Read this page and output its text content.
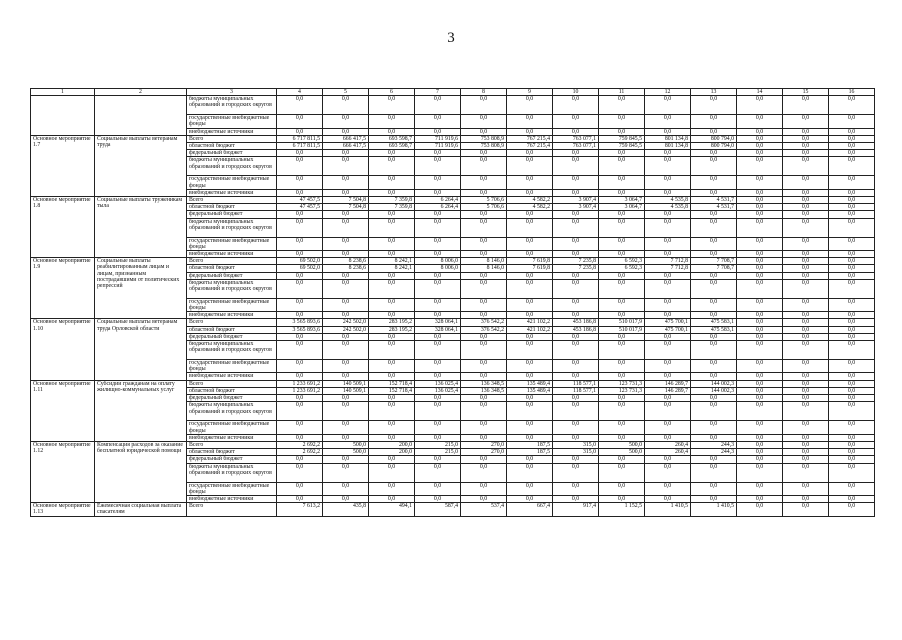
3
1	2	3	4	5	6	7	8	9	10	11	12	13	14	15	16
		бюджеты муниципальных образований и городских округов	0,0	0,0	0,0	0,0	0,0	0,0	0,0	0,0	0,0	0,0	0,0	0,0	0,0
		государственные внебюджетные фонды	0,0	0,0	0,0	0,0	0,0	0,0	0,0	0,0	0,0	0,0	0,0	0,0	0,0
		внебюджетные источники	0,0	0,0	0,0	0,0	0,0	0,0	0,0	0,0	0,0	0,0	0,0	0,0	0,0
Основное мероприятие 1.7	Социальные выплаты ветеранам труда	Всего	6 717 811,5	666 417,5	693 598,7	711 919,6	753 808,9	767 215,4	763 077,1	759 845,5	801 134,8	800 794,0	0,0	0,0	0,0
		областной бюджет	6 717 811,5	666 417,5	693 598,7	711 919,6	753 808,9	767 215,4	763 077,1	759 845,5	801 134,8	800 794,0	0,0	0,0	0,0
		федеральный бюджет	0,0	0,0	0,0	0,0	0,0	0,0	0,0	0,0	0,0	0,0	0,0	0,0	0,0
		бюджеты муниципальных образований и городских округов	0,0	0,0	0,0	0,0	0,0	0,0	0,0	0,0	0,0	0,0	0,0	0,0	0,0
		государственные внебюджетные фонды	0,0	0,0	0,0	0,0	0,0	0,0	0,0	0,0	0,0	0,0	0,0	0,0	0,0
		внебюджетные источники	0,0	0,0	0,0	0,0	0,0	0,0	0,0	0,0	0,0	0,0	0,0	0,0	0,0
Основное мероприятие 1.8	Социальные выплаты труженикам тыла	Всего	47 457,5	7 504,8	7 359,8	6 264,4	5 706,6	4 582,2	3 907,4	3 064,7	4 535,8	4 531,7	0,0	0,0	0,0
		областной бюджет	47 457,5	7 504,8	7 359,8	6 264,4	5 706,6	4 582,2	3 907,4	3 064,7	4 535,8	4 531,7	0,0	0,0	0,0
		федеральный бюджет	0,0	0,0	0,0	0,0	0,0	0,0	0,0	0,0	0,0	0,0	0,0	0,0	0,0
		бюджеты муниципальных образований и городских округов	0,0	0,0	0,0	0,0	0,0	0,0	0,0	0,0	0,0	0,0	0,0	0,0	0,0
		государственные внебюджетные фонды	0,0	0,0	0,0	0,0	0,0	0,0	0,0	0,0	0,0	0,0	0,0	0,0	0,0
		внебюджетные источники	0,0	0,0	0,0	0,0	0,0	0,0	0,0	0,0	0,0	0,0	0,0	0,0	0,0
Основное мероприятие 1.9	Социальные выплаты реабилитированным лицам и лицам, признанным пострадавшими от политических репрессий	Всего	69 502,0	8 238,6	8 242,1	8 006,0	8 146,0	7 619,8	7 235,8	6 592,3	7 712,8	7 708,7	0,0	0,0	0,0
		областной бюджет	69 502,0	8 238,6	8 242,1	8 006,0	8 146,0	7 619,8	7 235,8	6 592,3	7 712,8	7 708,7	0,0	0,0	0,0
		федеральный бюджет	0,0	0,0	0,0	0,0	0,0	0,0	0,0	0,0	0,0	0,0	0,0	0,0	0,0
		бюджеты муниципальных образований и городских округов	0,0	0,0	0,0	0,0	0,0	0,0	0,0	0,0	0,0	0,0	0,0	0,0	0,0
		государственные внебюджетные фонды	0,0	0,0	0,0	0,0	0,0	0,0	0,0	0,0	0,0	0,0	0,0	0,0	0,0
		внебюджетные источники	0,0	0,0	0,0	0,0	0,0	0,0	0,0	0,0	0,0	0,0	0,0	0,0	0,0
Основное мероприятие 1.10	Социальные выплаты ветеранам труда Орловской области	Всего	3 565 893,6	242 502,0	283 195,2	328 064,1	376 542,2	421 102,2	453 186,8	510 017,9	475 700,1	475 583,1	0,0	0,0	0,0
		областной бюджет	3 565 893,6	242 502,0	283 195,2	328 064,1	376 542,2	421 102,2	453 186,8	510 017,9	475 700,1	475 583,1	0,0	0,0	0,0
		федеральный бюджет	0,0	0,0	0,0	0,0	0,0	0,0	0,0	0,0	0,0	0,0	0,0	0,0	0,0
		бюджеты муниципальных образований и городских округов	0,0	0,0	0,0	0,0	0,0	0,0	0,0	0,0	0,0	0,0	0,0	0,0	0,0
		государственные внебюджетные фонды	0,0	0,0	0,0	0,0	0,0	0,0	0,0	0,0	0,0	0,0	0,0	0,0	0,0
		внебюджетные источники	0,0	0,0	0,0	0,0	0,0	0,0	0,0	0,0	0,0	0,0	0,0	0,0	0,0
Основное мероприятие 1.11	Субсидии гражданам на оплату жилищно-коммунальных услуг	Всего	1 233 691,2	140 509,1	152 718,4	136 025,4	136 348,5	135 489,4	118 577,1	123 731,3	146 289,7	144 002,3	0,0	0,0	0,0
		областной бюджет	1 233 691,2	140 509,1	152 718,4	136 025,4	136 348,5	135 489,4	118 577,1	123 731,3	146 289,7	144 002,3	0,0	0,0	0,0
		федеральный бюджет	0,0	0,0	0,0	0,0	0,0	0,0	0,0	0,0	0,0	0,0	0,0	0,0	0,0
		бюджеты муниципальных образований и городских округов	0,0	0,0	0,0	0,0	0,0	0,0	0,0	0,0	0,0	0,0	0,0	0,0	0,0
		государственные внебюджетные фонды	0,0	0,0	0,0	0,0	0,0	0,0	0,0	0,0	0,0	0,0	0,0	0,0	0,0
		внебюджетные источники	0,0	0,0	0,0	0,0	0,0	0,0	0,0	0,0	0,0	0,0	0,0	0,0	0,0
Основное мероприятие 1.12	Компенсация расходов за оказание бесплатной юридической помощи	Всего	2 692,2	500,0	200,0	215,0	270,0	187,5	315,0	500,0	260,4	244,3	0,0	0,0	0,0
		областной бюджет	2 692,2	500,0	200,0	215,0	270,0	187,5	315,0	500,0	260,4	244,3	0,0	0,0	0,0
		федеральный бюджет	0,0	0,0	0,0	0,0	0,0	0,0	0,0	0,0	0,0	0,0	0,0	0,0	0,0
		бюджеты муниципальных образований и городских округов	0,0	0,0	0,0	0,0	0,0	0,0	0,0	0,0	0,0	0,0	0,0	0,0	0,0
		государственные внебюджетные фонды	0,0	0,0	0,0	0,0	0,0	0,0	0,0	0,0	0,0	0,0	0,0	0,0	0,0
		внебюджетные источники	0,0	0,0	0,0	0,0	0,0	0,0	0,0	0,0	0,0	0,0	0,0	0,0	0,0
Основное мероприятие 1.13	Ежемесячная социальная выплата спасателям	Всего	7 613,2	435,8	494,1	587,4	537,4	667,4	917,4	1 152,5	1 410,5	1 410,5	0,0	0,0	0,0
